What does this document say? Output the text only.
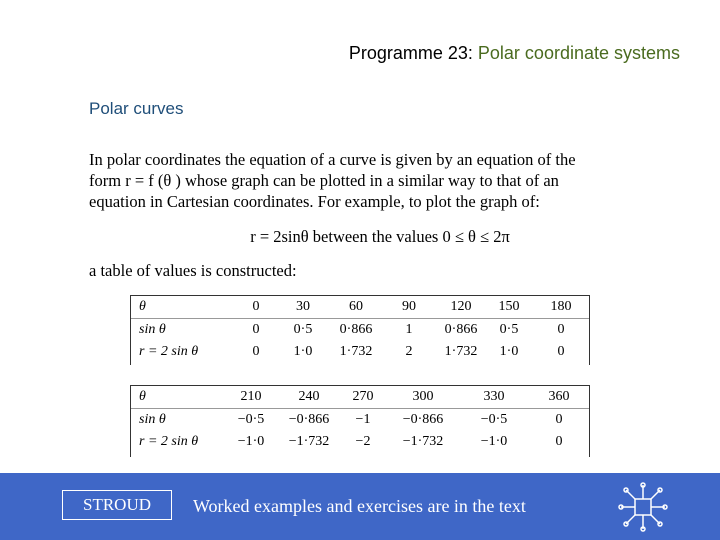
Programme 23: Polar coordinate systems
Polar curves
In polar coordinates the equation of a curve is given by an equation of the
form r = f (θ ) whose graph can be plotted in a similar way to that of an
equation in Cartesian coordinates. For example, to plot the graph of:
r = 2sinθ between the values 0 ≤ θ ≤ 2π
a table of values is constructed:
θ	0	30	60	90	120	150	180
sin θ	0	0·5	0·866	1	0·866	0·5	0
r = 2 sin θ	0	1·0	1·732	2	1·732	1·0	0
θ	210	240	270	300	330	360
sin θ	−0·5	−0·866	−1	−0·866	−0·5	0
r = 2 sin θ	−1·0	−1·732	−2	−1·732	−1·0	0
STROUD	Worked examples and exercises are in the text
